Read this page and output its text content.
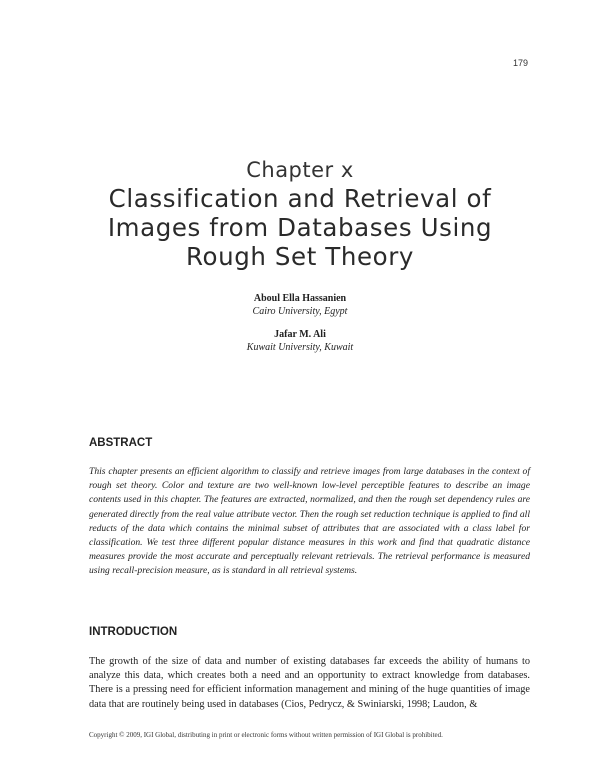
179
Chapter x
Classification and Retrieval of Images from Databases Using Rough Set Theory
Aboul Ella Hassanien
Cairo University, Egypt
Jafar M. Ali
Kuwait University, Kuwait
ABSTRACT
This chapter presents an efficient algorithm to classify and retrieve images from large databases in the context of rough set theory. Color and texture are two well-known low-level perceptible features to describe an image contents used in this chapter. The features are extracted, normalized, and then the rough set dependency rules are generated directly from the real value attribute vector. Then the rough set reduction technique is applied to find all reducts of the data which contains the minimal subset of attributes that are associated with a class label for classification. We test three different popular distance measures in this work and find that quadratic distance measures provide the most accurate and perceptually relevant retrievals. The retrieval performance is measured using recall-precision measure, as is standard in all retrieval systems.
INTRODUCTION
The growth of the size of data and number of existing databases far exceeds the ability of humans to analyze this data, which creates both a need and an opportunity to extract knowledge from databases. There is a pressing need for efficient information management and mining of the huge quantities of image data that are routinely being used in databases (Cios, Pedrycz, & Swiniarski, 1998; Laudon, &
Copyright © 2009, IGI Global, distributing in print or electronic forms without written permission of IGI Global is prohibited.
